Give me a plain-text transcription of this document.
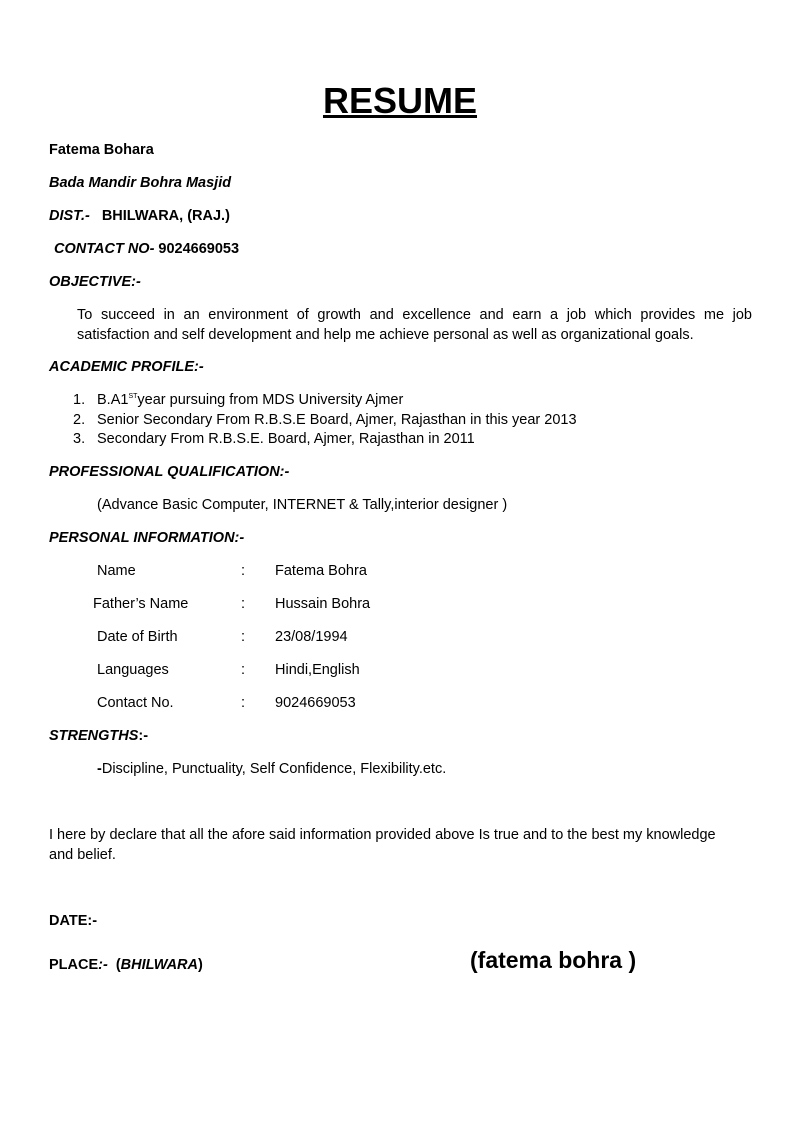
RESUME
Fatema Bohara
Bada Mandir Bohra Masjid
DIST.- BHILWARA, (RAJ.)
CONTACT NO- 9024669053
OBJECTIVE:-
To succeed in an environment of growth and excellence and earn a job which provides me job satisfaction and self development and help me achieve personal as well as organizational goals.
ACADEMIC PROFILE:-
1. B.A1STyear pursuing from MDS University Ajmer
2. Senior Secondary From R.B.S.E Board, Ajmer, Rajasthan in this year 2013
3. Secondary From R.B.S.E. Board, Ajmer, Rajasthan in 2011
PROFESSIONAL QUALIFICATION:-
(Advance Basic Computer, INTERNET & Tally,interior designer )
PERSONAL INFORMATION:-
Name	: Fatema Bohra
Father’s Name	: Hussain Bohra
Date of Birth	: 23/08/1994
Languages	: Hindi,English
Contact No.	: 9024669053
STRENGTHS:-
-Discipline, Punctuality, Self Confidence, Flexibility.etc.
I here by declare that all the afore said information provided above Is true and to the best my knowledge and belief.
DATE:-
PLACE:- (BHILWARA)	(fatema bohra )
